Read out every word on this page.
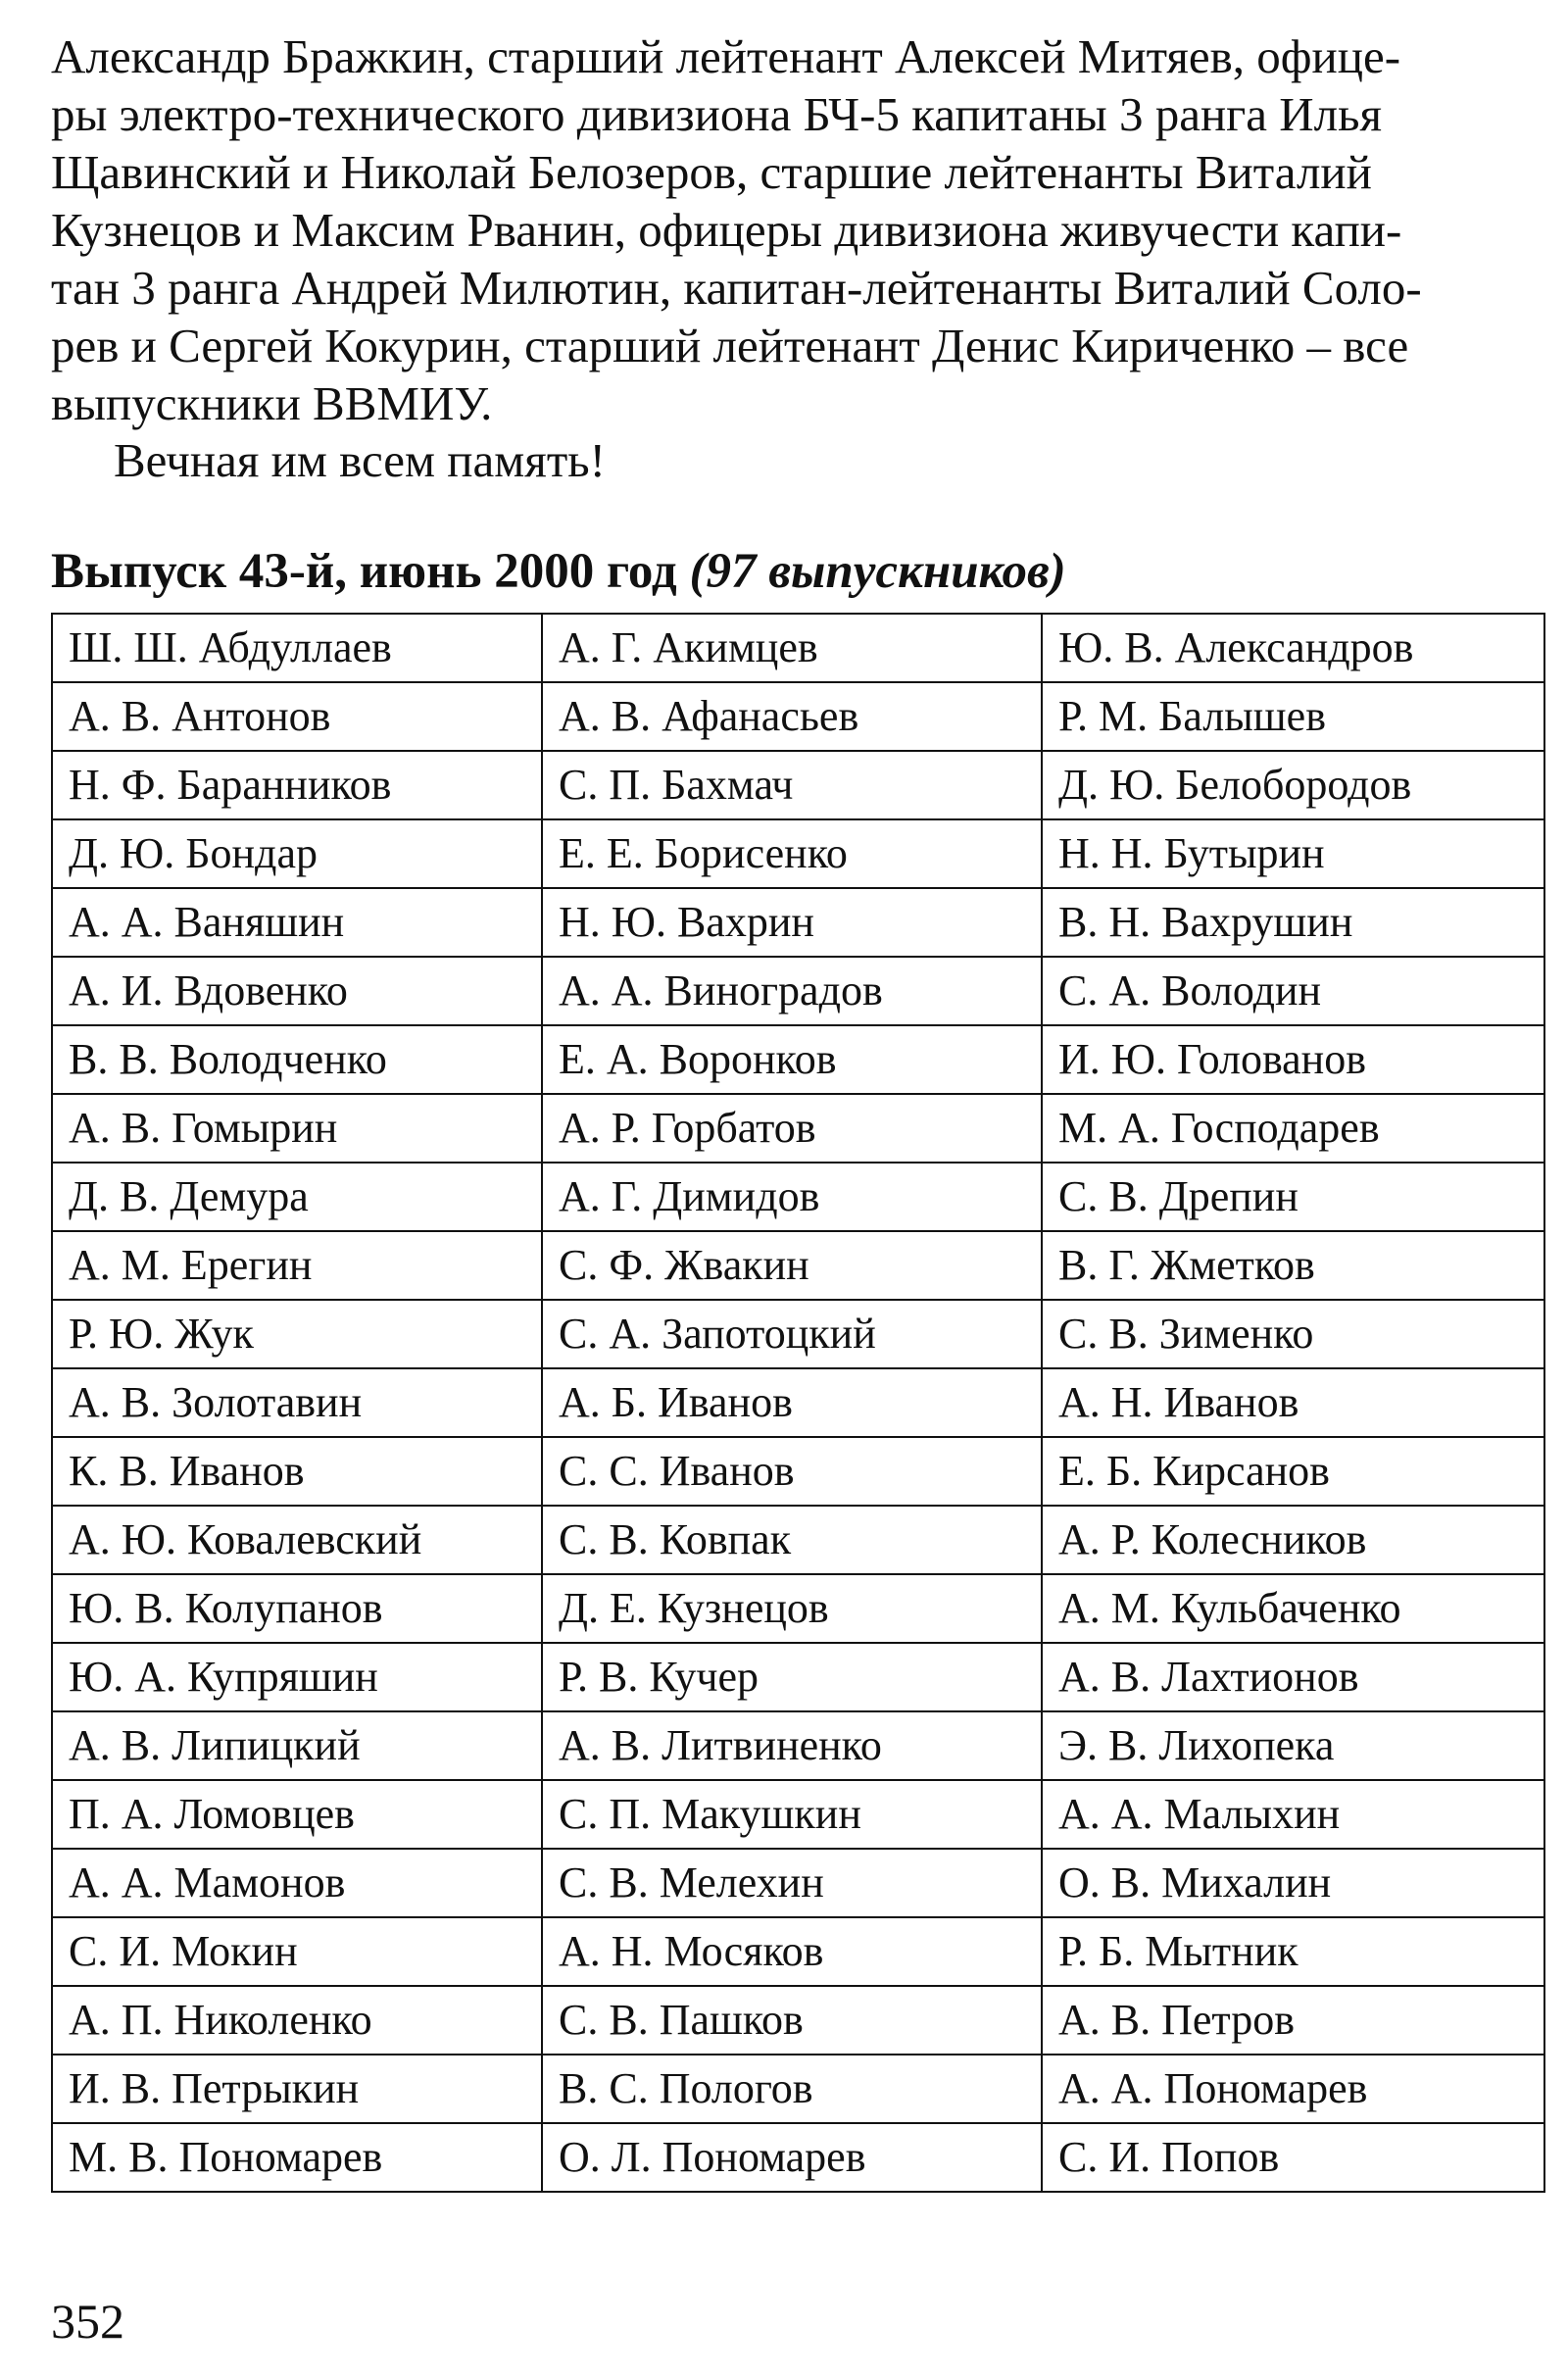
Александр Бражкин, старший лейтенант Алексей Митяев, офице-
ры электро-технического дивизиона БЧ-5 капитаны 3 ранга Илья
Щавинский и Николай Белозеров, старшие лейтенанты Виталий
Кузнецов и Максим Рванин, офицеры дивизиона живучести капи-
тан 3 ранга Андрей Милютин, капитан-лейтенанты Виталий Соло-
рев и Сергей Кокурин, старший лейтенант Денис Кириченко – все
выпускники ВВМИУ.

Вечная им всем память!

Выпуск 43-й, июнь 2000 год (97 выпускников)
Ш. Ш. Абдуллаев	А. Г. Акимцев	Ю. В. Александров
А. В. Антонов	А. В. Афанасьев	Р. М. Балышев
Н. Ф. Баранников	С. П. Бахмач	Д. Ю. Белобородов
Д. Ю. Бондар	Е. Е. Борисенко	Н. Н. Бутырин
А. А. Ваняшин	Н. Ю. Вахрин	В. Н. Вахрушин
А. И. Вдовенко	А. А. Виноградов	С. А. Володин
В. В. Володченко	Е. А. Воронков	И. Ю. Голованов
А. В. Гомырин	А. Р. Горбатов	М. А. Господарев
Д. В. Демура	А. Г. Димидов	С. В. Дрепин
А. М. Ерегин	С. Ф. Жвакин	В. Г. Жметков
Р. Ю. Жук	С. А. Запотоцкий	С. В. Зименко
А. В. Золотавин	А. Б. Иванов	А. Н. Иванов
К. В. Иванов	С. С. Иванов	Е. Б. Кирсанов
А. Ю. Ковалевский	С. В. Ковпак	А. Р. Колесников
Ю. В. Колупанов	Д. Е. Кузнецов	А. М. Кульбаченко
Ю. А. Купряшин	Р. В. Кучер	А. В. Лахтионов
А. В. Липицкий	А. В. Литвиненко	Э. В. Лихопека
П. А. Ломовцев	С. П. Макушкин	А. А. Малыхин
А. А. Мамонов	С. В. Мелехин	О. В. Михалин
С. И. Мокин	А. Н. Мосяков	Р. Б. Мытник
А. П. Николенко	С. В. Пашков	А. В. Петров
И. В. Петрыкин	В. С. Пологов	А. А. Пономарев
М. В. Пономарев	О. Л. Пономарев	С. И. Попов

352
